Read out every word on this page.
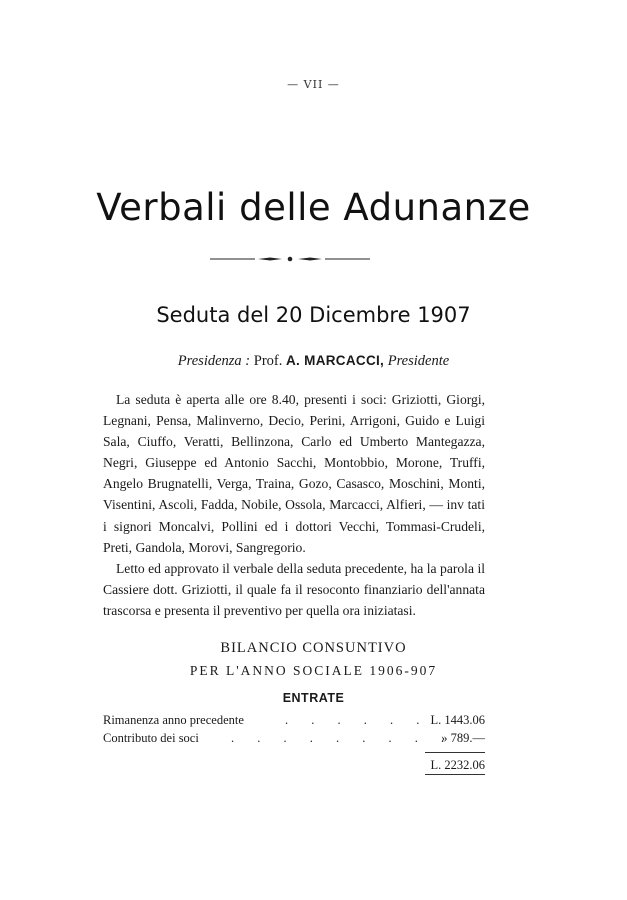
— VII —
Verbali delle Adunanze
Seduta del 20 Dicembre 1907
Presidenza : Prof. A. MARCACCI, Presidente

La seduta è aperta alle ore 8.40, presenti i soci: Griziotti, Giorgi, Legnani, Pensa, Malinverno, Decio, Perini, Arrigoni, Guido e Luigi Sala, Ciuffo, Veratti, Bellinzona, Carlo ed Umberto Mantegazza, Negri, Giuseppe ed Antonio Sacchi, Montobbio, Morone, Truffi, Angelo Brugnatelli, Verga, Traina, Gozo, Casasco, Moschini, Monti, Visentini, Ascoli, Fadda, Nobile, Ossola, Marcacci, Alfieri, — inv tati i signori Moncalvi, Pollini ed i dottori Vecchi, Tommasi-Crudeli, Preti, Gandola, Morovi, Sangregorio.

Letto ed approvato il verbale della seduta precedente, ha la parola il Cassiere dott. Griziotti, il quale fa il resoconto finanziario dell'annata trascorsa e presenta il preventivo per quella ora iniziatasi.

BILANCIO CONSUNTIVO
PER L'ANNO SOCIALE 1906-907
ENTRATE
Rimanenza anno precedente	. . . . . . L. 1443.06
Contributo dei soci	. . . . . . . . .
» 789.—
L. 2232.06
